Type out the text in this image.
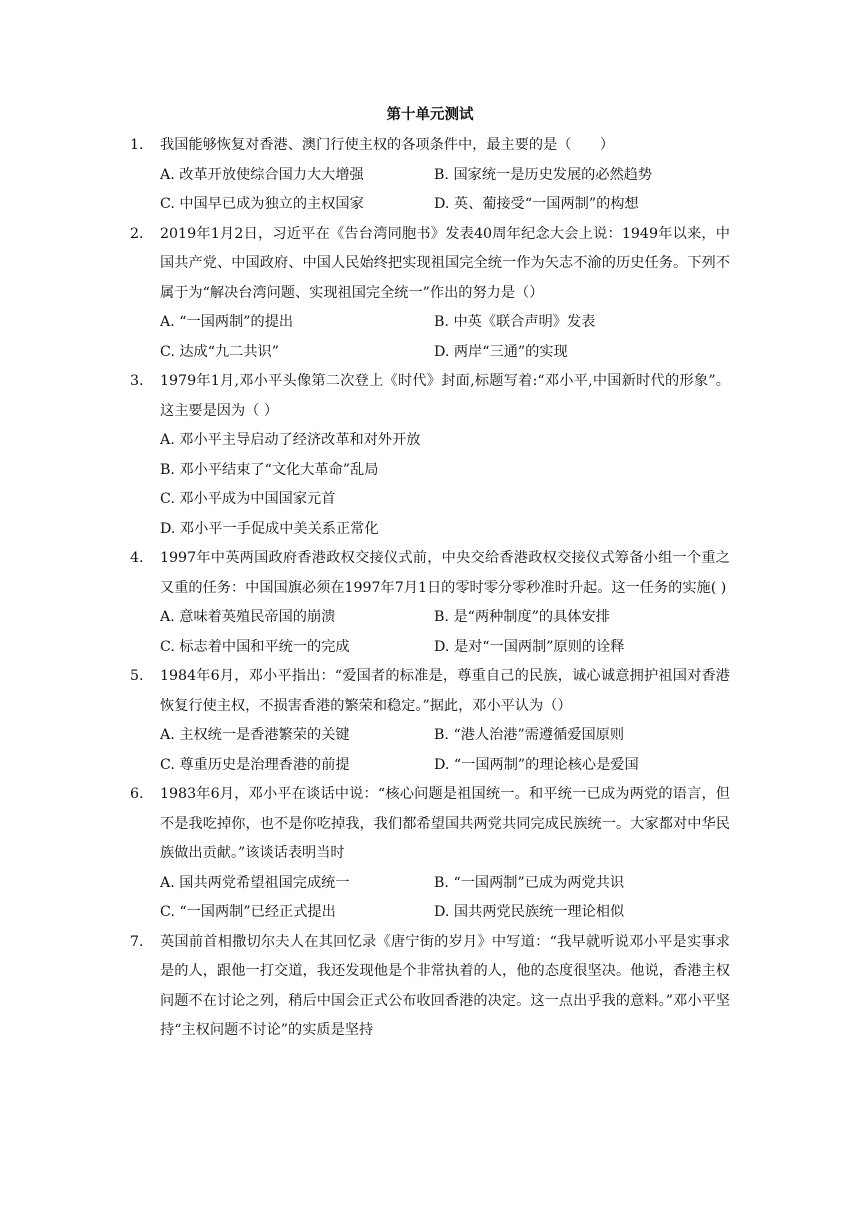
第十单元测试
1.	我国能够恢复对香港、澳门行使主权的各项条件中，最主要的是（　　）
A. 改革开放使综合国力大大增强	B. 国家统一是历史发展的必然趋势
C. 中国早已成为独立的主权国家	D. 英、葡接受“一国两制”的构想
2.	2019年1月2日，习近平在《告台湾同胞书》发表40周年纪念大会上说：1949年以来，中国共产党、中国政府、中国人民始终把实现祖国完全统一作为矢志不渝的历史任务。下列不属于为“解决台湾问题、实现祖国完全统一”作出的努力是（）
A. “一国两制”的提出	B. 中英《联合声明》发表
C. 达成“九二共识”	D. 两岸“三通”的实现
3.	1979年1月,邓小平头像第二次登上《时代》封面,标题写着:“邓小平,中国新时代的形象”。这主要是因为（ ）
A. 邓小平主导启动了经济改革和对外开放
B. 邓小平结束了“文化大革命”乱局
C. 邓小平成为中国国家元首
D. 邓小平一手促成中美关系正常化
4.	1997年中英两国政府香港政权交接仪式前，中央交给香港政权交接仪式筹备小组一个重之又重的任务：中国国旗必须在1997年7月1日的零时零分零秒准时升起。这一任务的实施( )
A. 意味着英殖民帝国的崩溃	B. 是“两种制度”的具体安排
C. 标志着中国和平统一的完成	D. 是对“一国两制”原则的诠释
5.	1984年6月，邓小平指出：“爱国者的标准是，尊重自己的民族，诚心诚意拥护祖国对香港恢复行使主权，不损害香港的繁荣和稳定。”据此，邓小平认为（）
A. 主权统一是香港繁荣的关键	B. “港人治港”需遵循爱国原则
C. 尊重历史是治理香港的前提	D. “一国两制”的理论核心是爱国
6.	1983年6月，邓小平在谈话中说：“核心问题是祖国统一。和平统一已成为两党的语言，但不是我吃掉你，也不是你吃掉我，我们都希望国共两党共同完成民族统一。大家都对中华民族做出贡献。”该谈话表明当时
A. 国共两党希望祖国完成统一	B. “一国两制”已成为两党共识
C. “一国两制”已经正式提出	D. 国共两党民族统一理论相似
7.	英国前首相撒切尔夫人在其回忆录《唐宁街的岁月》中写道：“我早就听说邓小平是实事求是的人，跟他一打交道，我还发现他是个非常执着的人，他的态度很坚决。他说，香港主权问题不在讨论之列，稍后中国会正式公布收回香港的决定。这一点出乎我的意料。”邓小平坚持“主权问题不讨论”的实质是坚持
